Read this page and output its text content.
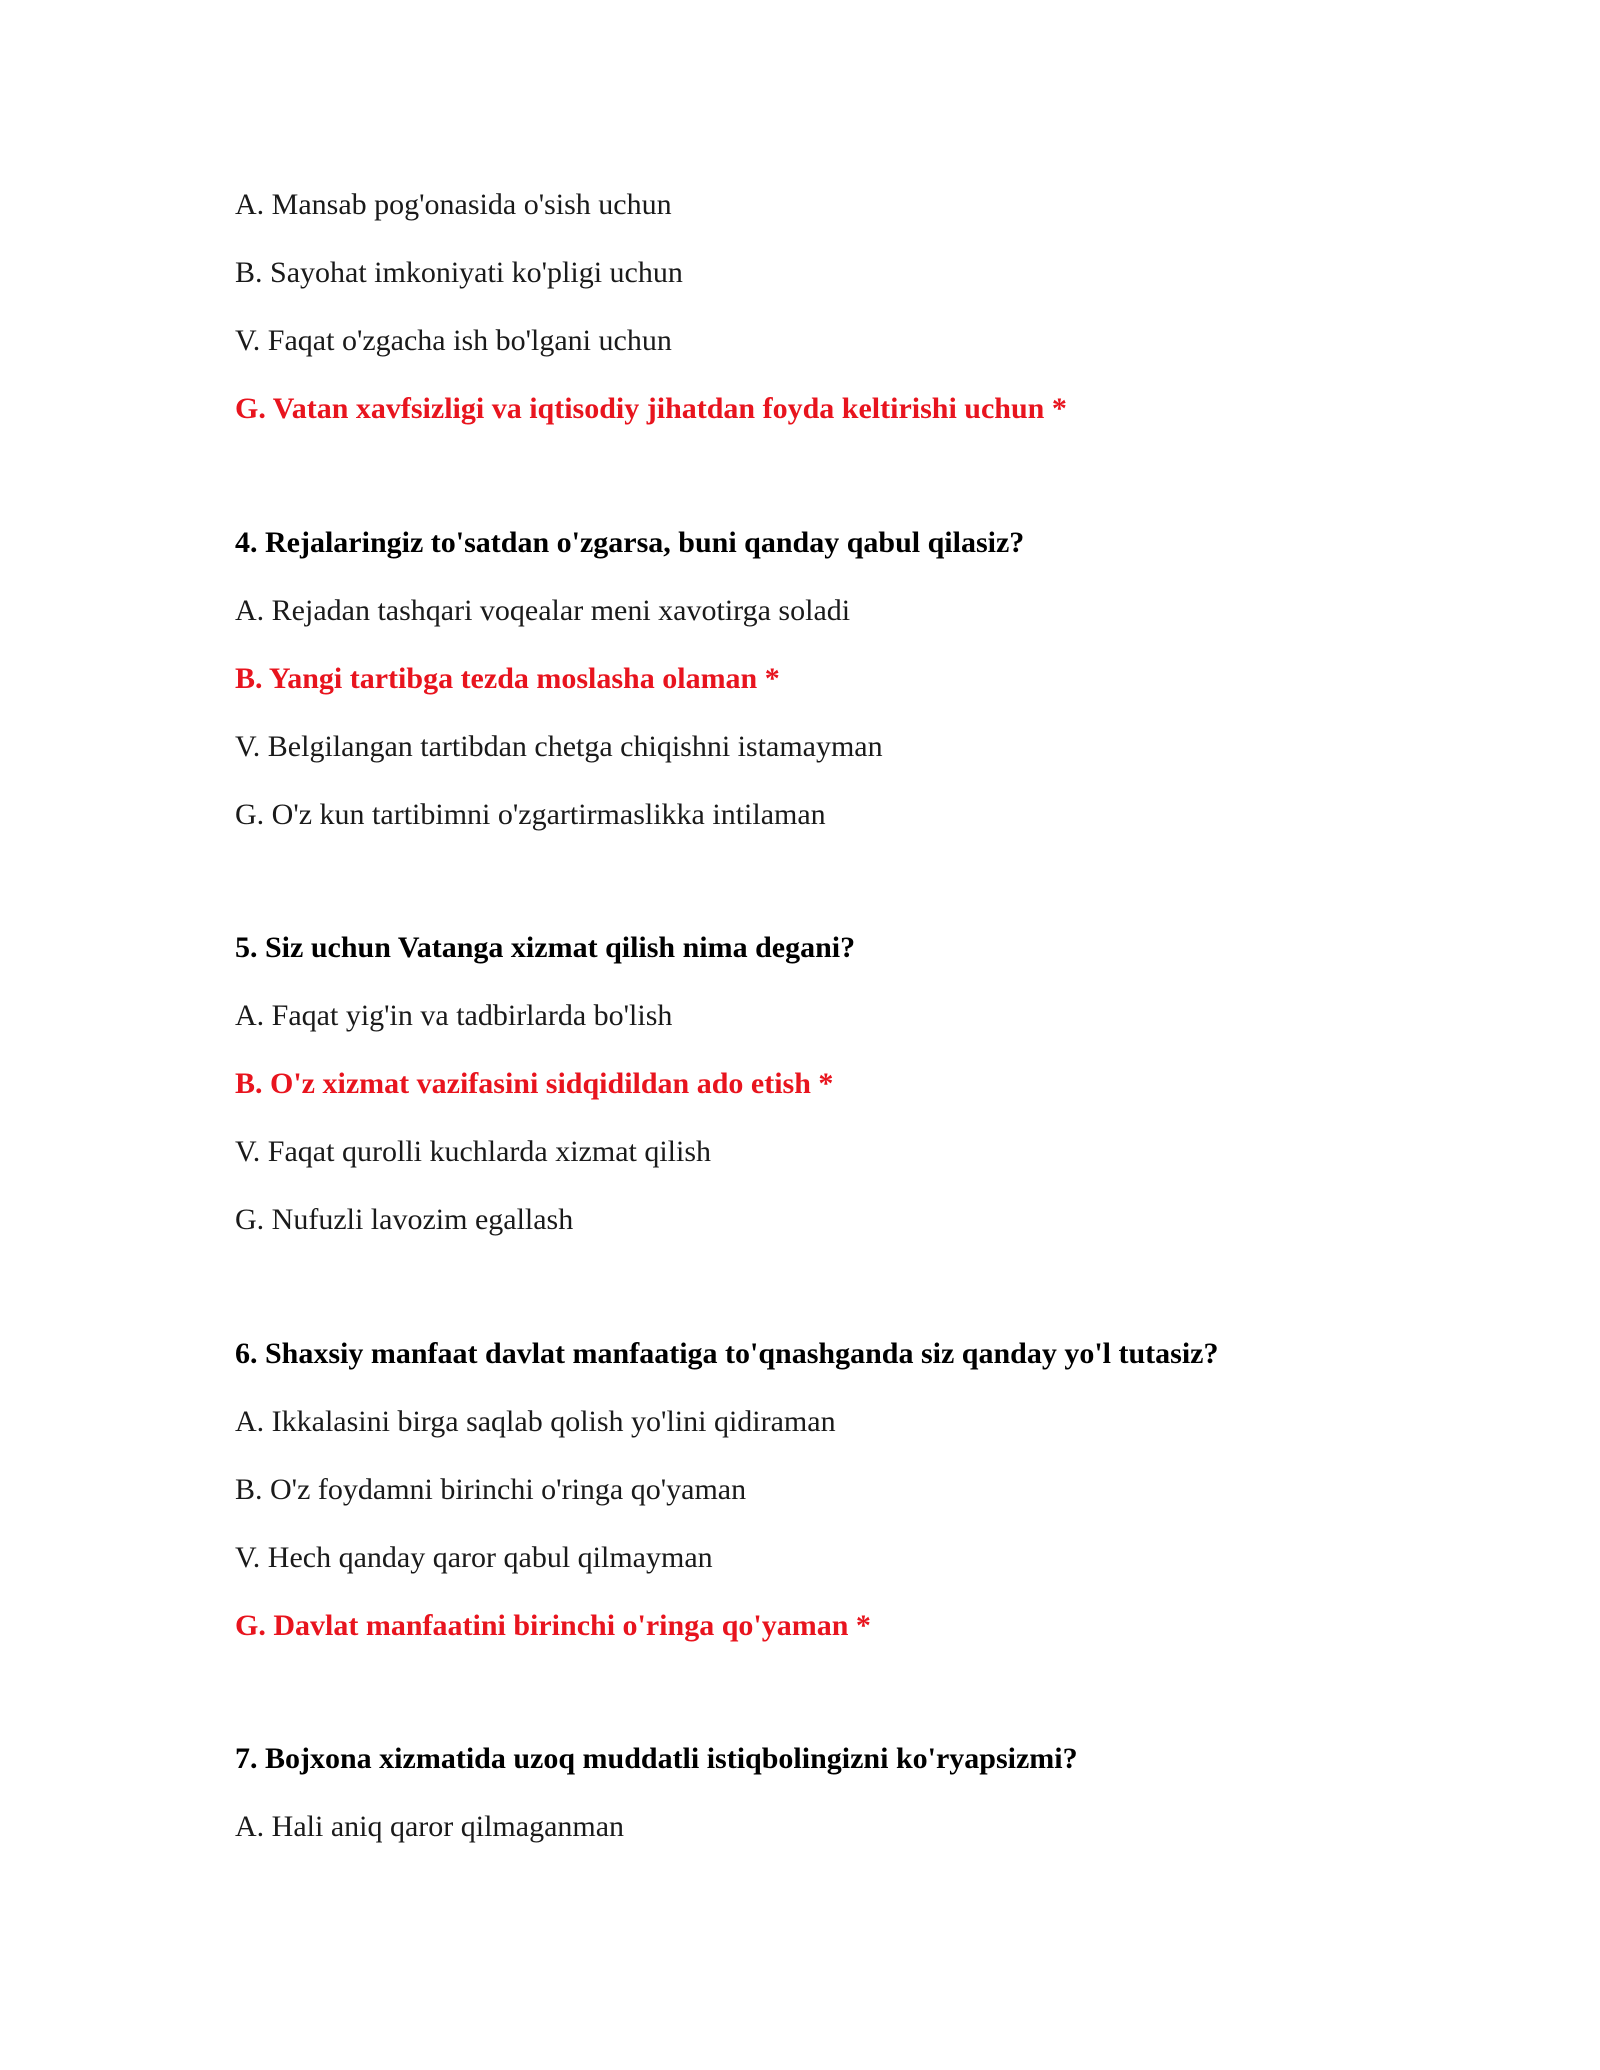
A. Mansab pog'onasida o'sish uchun
B. Sayohat imkoniyati ko'pligi uchun
V. Faqat o'zgacha ish bo'lgani uchun
G. Vatan xavfsizligi va iqtisodiy jihatdan foyda keltirishi uchun *
4. Rejalaringiz to'satdan o'zgarsa, buni qanday qabul qilasiz?
A. Rejadan tashqari voqealar meni xavotirga soladi
B. Yangi tartibga tezda moslasha olaman *
V. Belgilangan tartibdan chetga chiqishni istamayman
G. O'z kun tartibimni o'zgartirmaslikka intilaman
5. Siz uchun Vatanga xizmat qilish nima degani?
A. Faqat yig'in va tadbirlarda bo'lish
B. O'z xizmat vazifasini sidqidildan ado etish *
V. Faqat qurolli kuchlarda xizmat qilish
G. Nufuzli lavozim egallash
6. Shaxsiy manfaat davlat manfaatiga to'qnashganda siz qanday yo'l tutasiz?
A. Ikkalasini birga saqlab qolish yo'lini qidiraman
B. O'z foydamni birinchi o'ringa qo'yaman
V. Hech qanday qaror qabul qilmayman
G. Davlat manfaatini birinchi o'ringa qo'yaman *
7. Bojxona xizmatida uzoq muddatli istiqbolingizni ko'ryapsizmi?
A. Hali aniq qaror qilmaganman
